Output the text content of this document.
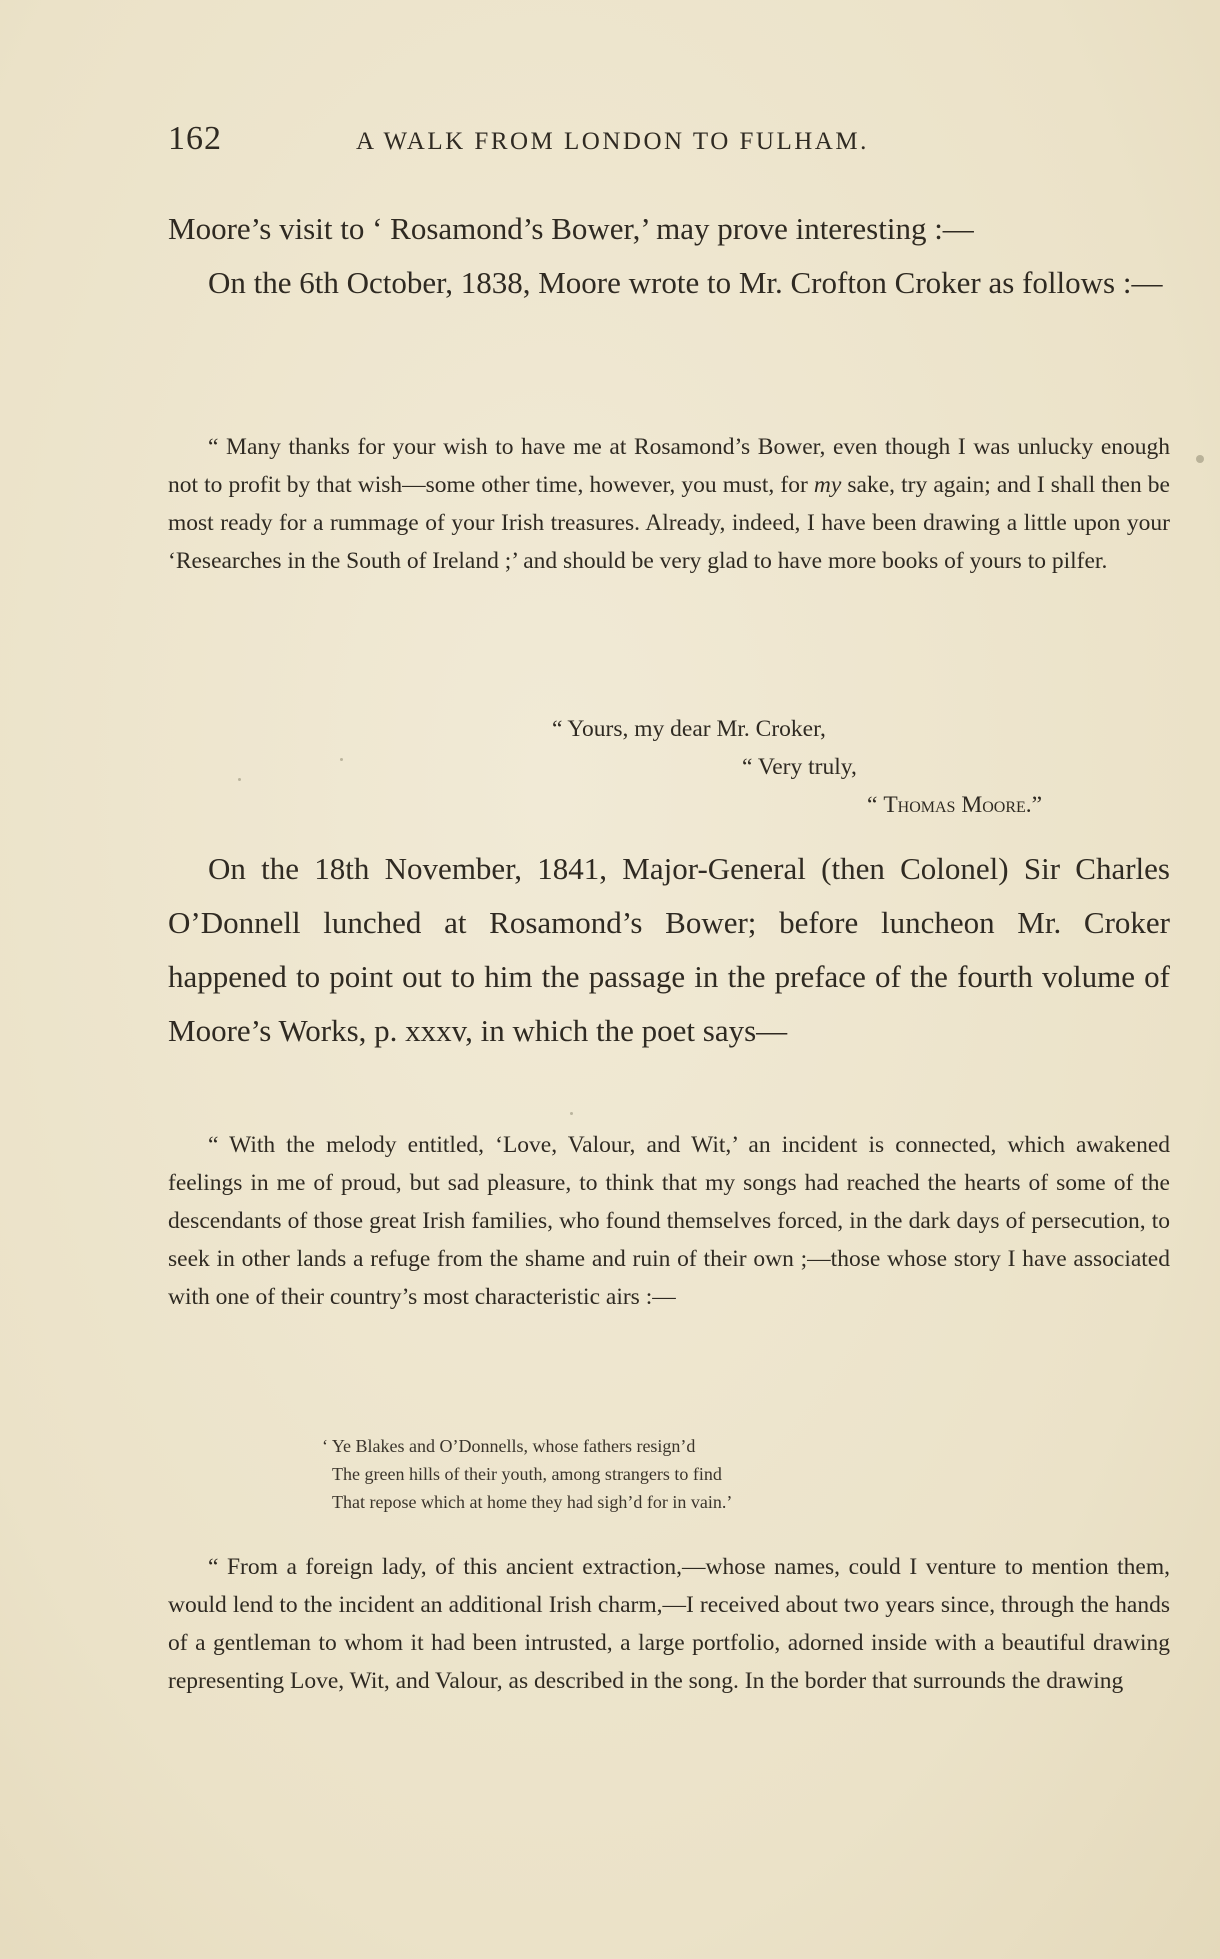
162	A WALK FROM LONDON TO FULHAM.

Moore’s visit to ‘ Rosamond’s Bower,’ may prove interesting :—

On the 6th October, 1838, Moore wrote to Mr. Crofton Croker as follows :—

“ Many thanks for your wish to have me at Rosamond’s Bower, even though I was unlucky enough not to profit by that wish—some other time, however, you must, for my sake, try again; and I shall then be most ready for a rummage of your Irish treasures. Already, indeed, I have been drawing a little upon your ‘Researches in the South of Ireland ;’ and should be very glad to have more books of yours to pilfer.

“ Yours, my dear Mr. Croker,

“ Very truly,

“ Thomas Moore.”

On the 18th November, 1841, Major-General (then Colonel) Sir Charles O’Donnell lunched at Rosamond’s Bower; before luncheon Mr. Croker happened to point out to him the passage in the preface of the fourth volume of Moore’s Works, p. xxxv, in which the poet says—

“ With the melody entitled, ‘Love, Valour, and Wit,’ an incident is connected, which awakened feelings in me of proud, but sad pleasure, to think that my songs had reached the hearts of some of the descendants of those great Irish families, who found themselves forced, in the dark days of persecution, to seek in other lands a refuge from the shame and ruin of their own ;—those whose story I have associated with one of their country’s most characteristic airs :—

‘ Ye Blakes and O’Donnells, whose fathers resign’d

The green hills of their youth, among strangers to find

That repose which at home they had sigh’d for in vain.’

“ From a foreign lady, of this ancient extraction,—whose names, could I venture to mention them, would lend to the incident an additional Irish charm,—I received about two years since, through the hands of a gentleman to whom it had been intrusted, a large portfolio, adorned inside with a beautiful drawing representing Love, Wit, and Valour, as described in the song. In the border that surrounds the drawing
